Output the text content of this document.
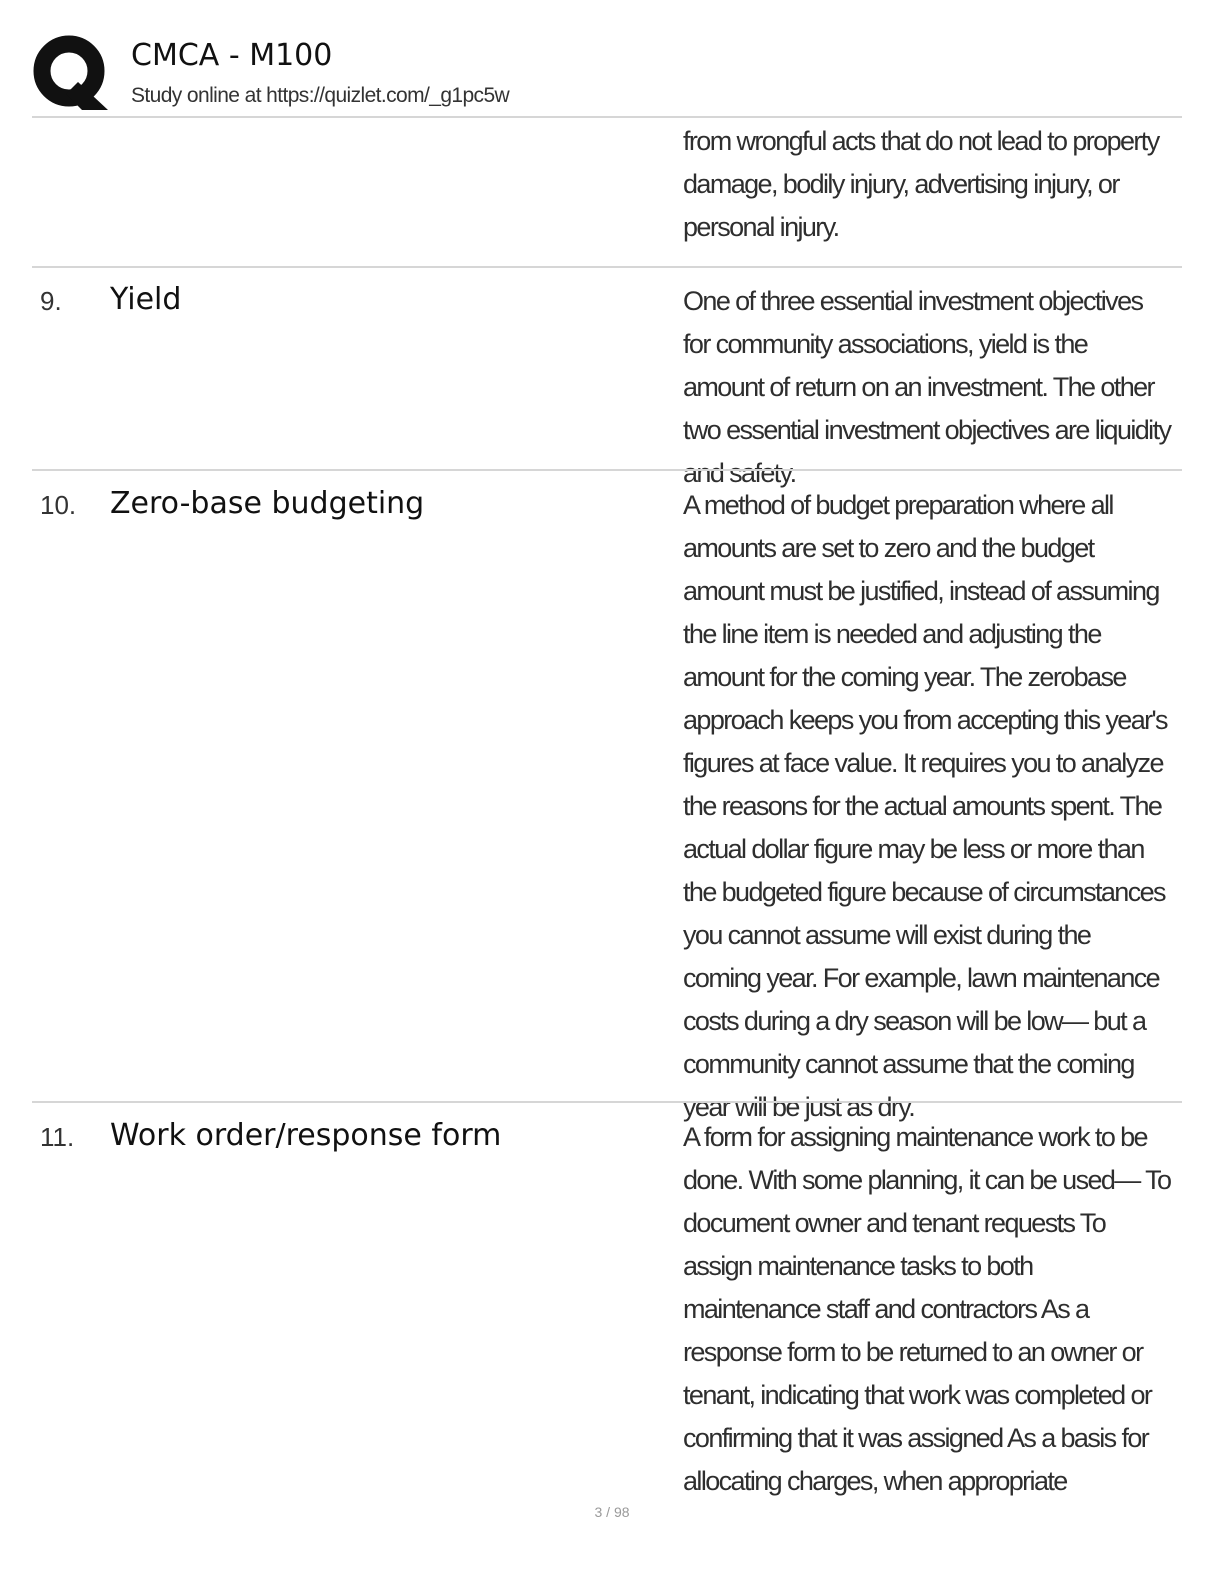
CMCA - M100
Study online at https://quizlet.com/_g1pc5w

from wrongful acts that do not lead to property damage, bodily injury, advertising injury, or personal injury.

9. Yield	One of three essential investment objectives for community associations, yield is the amount of return on an investment. The other two essential investment objectives are liquidity and safety.

10. Zero-base budgeting	A method of budget preparation where all amounts are set to zero and the budget amount must be justified, instead of assuming the line item is needed and adjusting the amount for the coming year. The zerobase approach keeps you from accepting this year's figures at face value. It requires you to analyze the reasons for the actual amounts spent. The actual dollar figure may be less or more than the budgeted figure because of circumstances you cannot assume will exist during the coming year. For example, lawn maintenance costs during a dry season will be low— but a community cannot assume that the coming year will be just as dry.

11. Work order/response form	A form for assigning maintenance work to be done. With some planning, it can be used— To document owner and tenant requests To assign maintenance tasks to both maintenance staff and contractors As a response form to be returned to an owner or tenant, indicating that work was completed or confirming that it was assigned As a basis for allocating charges, when appropriate

3 / 98
